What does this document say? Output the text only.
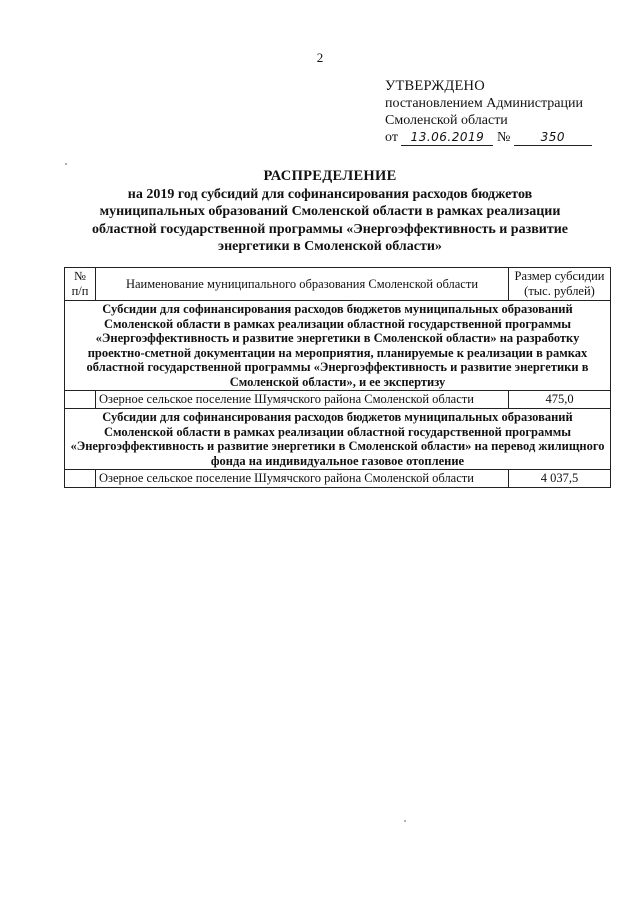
2
УТВЕРЖДЕНО
постановлением Администрации
Смоленской области
от 13.06.2019 №	350
РАСПРЕДЕЛЕНИЕ
на 2019 год субсидий для софинансирования расходов бюджетов
муниципальных образований Смоленской области в рамках реализации
областной государственной программы «Энергоэффективность и развитие
энергетики в Смоленской области»
№ п/п	Наименование муниципального образования Смоленской области	Размер субсидии (тыс. рублей)
Субсидии для софинансирования расходов бюджетов муниципальных образований Смоленской области в рамках реализации областной государственной программы «Энергоэффективность и развитие энергетики в Смоленской области» на разработку проектно-сметной документации на мероприятия, планируемые к реализации в рамках областной государственной программы «Энергоэффективность и развитие энергетики в Смоленской области», и ее экспертизу		
	Озерное сельское поселение Шумячского района Смоленской области	475,0
Субсидии для софинансирования расходов бюджетов муниципальных образований Смоленской области в рамках реализации областной государственной программы «Энергоэффективность и развитие энергетики в Смоленской области» на перевод жилищного фонда на индивидуальное газовое отопление		
	Озерное сельское поселение Шумячского района Смоленской области	4 037,5
